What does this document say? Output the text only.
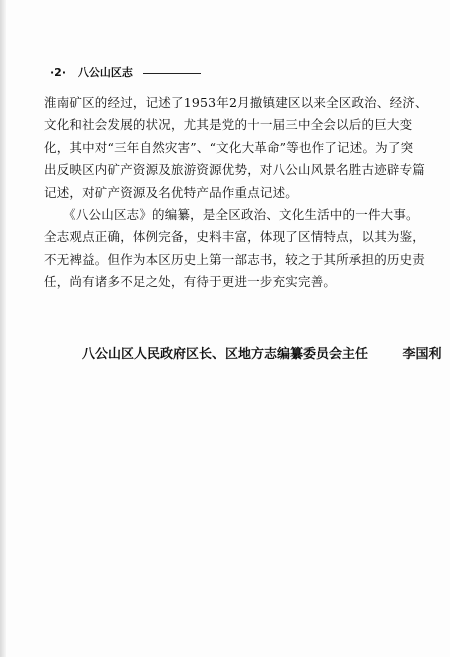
·2· 八公山区志
淮南矿区的经过，记述了1953年2月撤镇建区以来全区政治、经济、
文化和社会发展的状况，尤其是党的十一届三中全会以后的巨大变
化，其中对“三年自然灾害”、“文化大革命”等也作了记述。为了突
出反映区内矿产资源及旅游资源优势，对八公山风景名胜古迹辟专篇
记述，对矿产资源及名优特产品作重点记述。
　　《八公山区志》的编纂，是全区政治、文化生活中的一件大事。
全志观点正确，体例完备，史料丰富，体现了区情特点，以其为鉴，
不无裨益。但作为本区历史上第一部志书，较之于其所承担的历史责
任，尚有诸多不足之处，有待于更进一步充实完善。
八公山区人民政府区长、区地方志编纂委员会主任	李国利
